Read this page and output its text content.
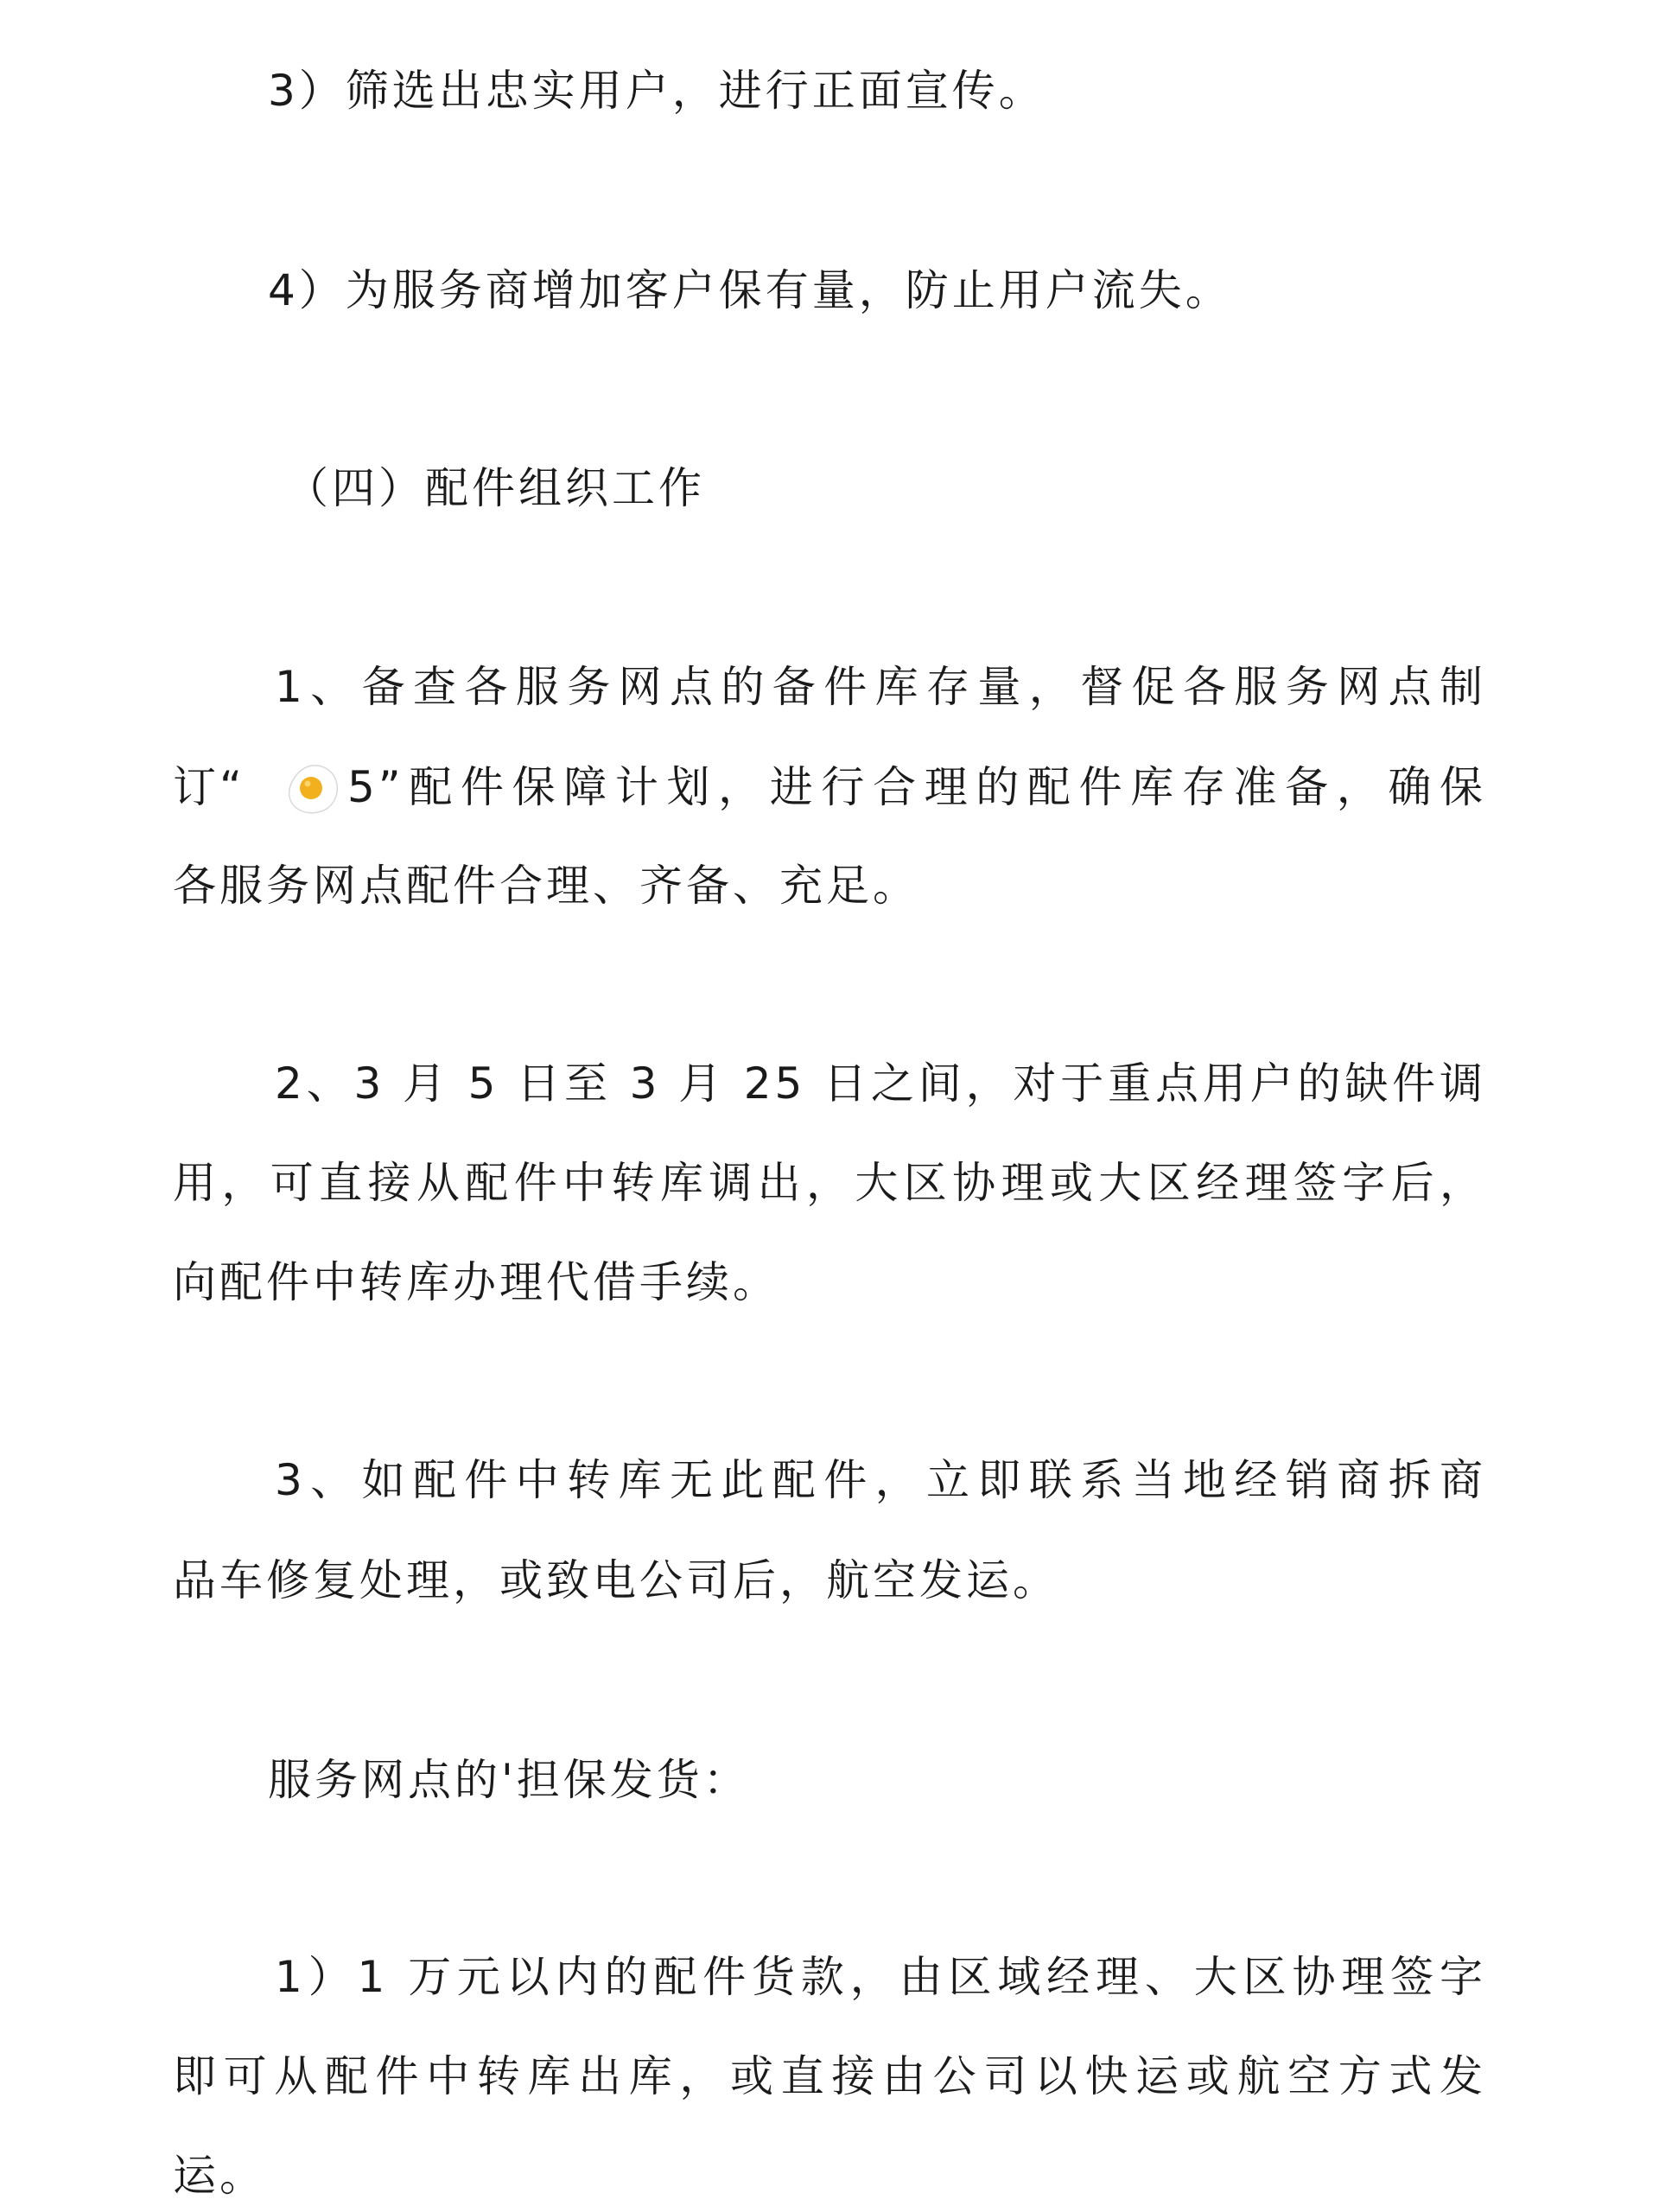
3）筛选出忠实用户，进行正面宣传。
4）为服务商增加客户保有量，防止用户流失。
（四）配件组织工作
1、备查各服务网点的备件库存量，督促各服务网点制
订“ 5”配件保障计划，进行合理的配件库存准备，确保
各服务网点配件合理、齐备、充足。
2、3 月 5 日至 3 月 25 日之间，对于重点用户的缺件调
用，可直接从配件中转库调出，大区协理或大区经理签字后，
向配件中转库办理代借手续。
3、如配件中转库无此配件，立即联系当地经销商拆商
品车修复处理，或致电公司后，航空发运。
服务网点的'担保发货：
1）1 万元以内的配件货款，由区域经理、大区协理签字
即可从配件中转库出库，或直接由公司以快运或航空方式发
运。
